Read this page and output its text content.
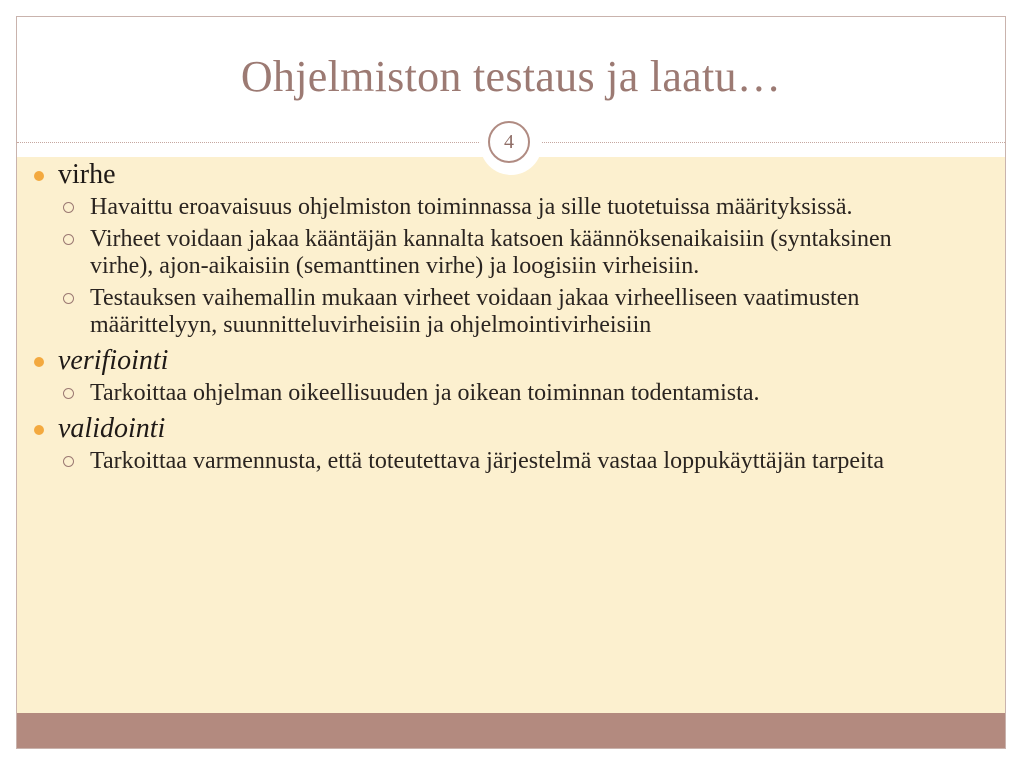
Ohjelmiston testaus ja laatu…
4
virhe
Havaittu eroavaisuus ohjelmiston toiminnassa ja sille tuotetuissa määrityksissä.
Virheet voidaan jakaa kääntäjän kannalta katsoen käännöksenaikaisiin (syntaksinen virhe), ajon-aikaisiin (semanttinen virhe) ja loogisiin virheisiin.
Testauksen vaihemallin mukaan virheet voidaan jakaa virheelliseen vaatimusten määrittelyyn, suunnitteluvirheisiin ja ohjelmointivirheisiin
verifiointi
Tarkoittaa ohjelman oikeellisuuden ja oikean toiminnan todentamista.
validointi
Tarkoittaa varmennusta, että toteutettava järjestelmä vastaa loppukäyttäjän tarpeita
